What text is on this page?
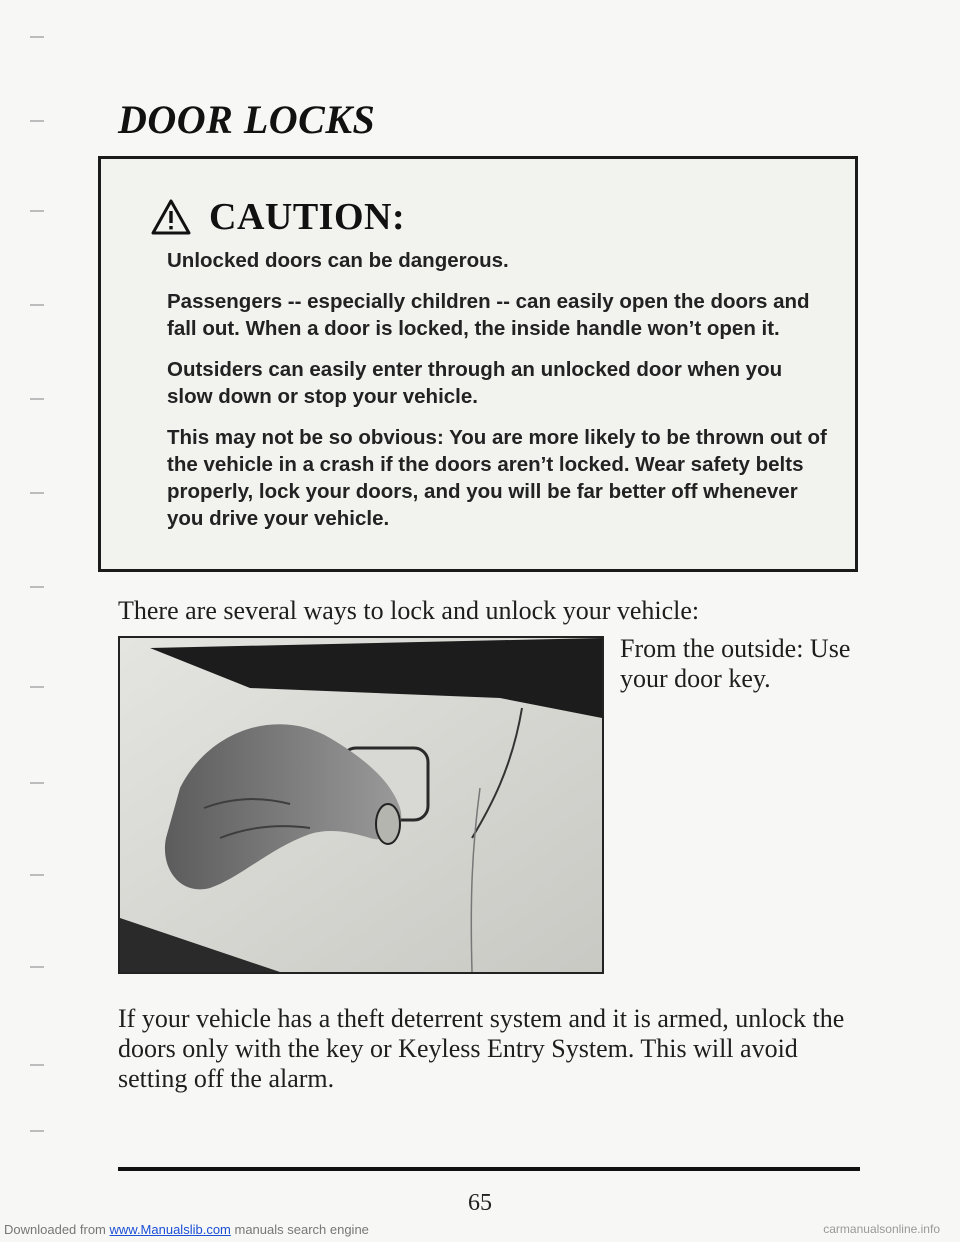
DOOR LOCKS
CAUTION:

Unlocked doors can be dangerous.

Passengers -- especially children -- can easily open the doors and fall out. When a door is locked, the inside handle won’t open it.

Outsiders can easily enter through an unlocked door when you slow down or stop your vehicle.

This may not be so obvious: You are more likely to be thrown out of the vehicle in a crash if the doors aren’t locked. Wear safety belts properly, lock your doors, and you will be far better off whenever you drive your vehicle.

There are several ways to lock and unlock your vehicle:

From the outside: Use your door key.

If your vehicle has a theft deterrent system and it is armed, unlock the doors only with the key or Keyless Entry System. This will avoid setting off the alarm.

65
Downloaded from www.Manualslib.com manuals search engine	carmanualsonline.info
